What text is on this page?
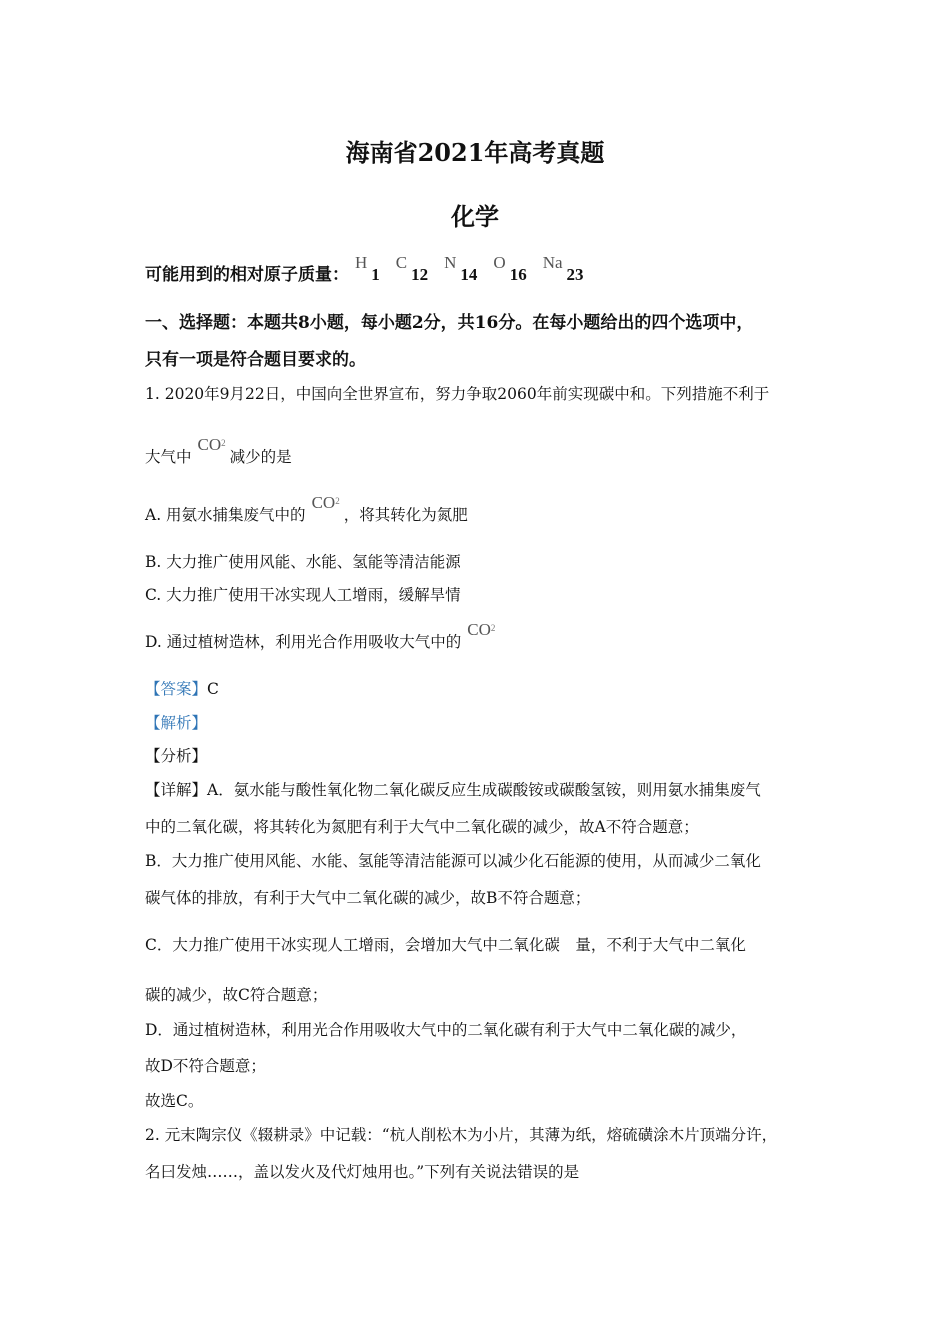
海南省2021年高考真题
化学
可能用到的相对原子质量：H1C12N14O16Na23
一、选择题：本题共8小题，每小题2分，共16分。在每小题给出的四个选项中，
只有一项是符合题目要求的。
1. 2020年9月22日，中国向全世界宣布，努力争取2060年前实现碳中和。下列措施不利于
大气中$CO^2$减少的是
A. 用氨水捕集废气中的$CO^2$，将其转化为氮肥
B. 大力推广使用风能、水能、氢能等清洁能源
C. 大力推广使用干冰实现人工增雨，缓解旱情
D. 通过植树造林，利用光合作用吸收大气中的$CO^2$
【答案】C
【解析】
【分析】
【详解】A．氨水能与酸性氧化物二氧化碳反应生成碳酸铵或碳酸氢铵，则用氨水捕集废气
中的二氧化碳，将其转化为氮肥有利于大气中二氧化碳的减少，故A不符合题意；
B．大力推广使用风能、水能、氢能等清洁能源可以减少化石能源的使用，从而减少二氧化
碳气体的排放，有利于大气中二氧化碳的减少，故B不符合题意；
C．大力推广使用干冰实现人工增雨，会增加大气中二氧化碳　量，不利于大气中二氧化
碳的减少，故C符合题意；
D．通过植树造林，利用光合作用吸收大气中的二氧化碳有利于大气中二氧化碳的减少，
故D不符合题意；
故选C。
2. 元末陶宗仪《辍耕录》中记载：“杭人削松木为小片，其薄为纸，熔硫磺涂木片顶端分许，
名曰发烛……，盖以发火及代灯烛用也。”下列有关说法错误的是
